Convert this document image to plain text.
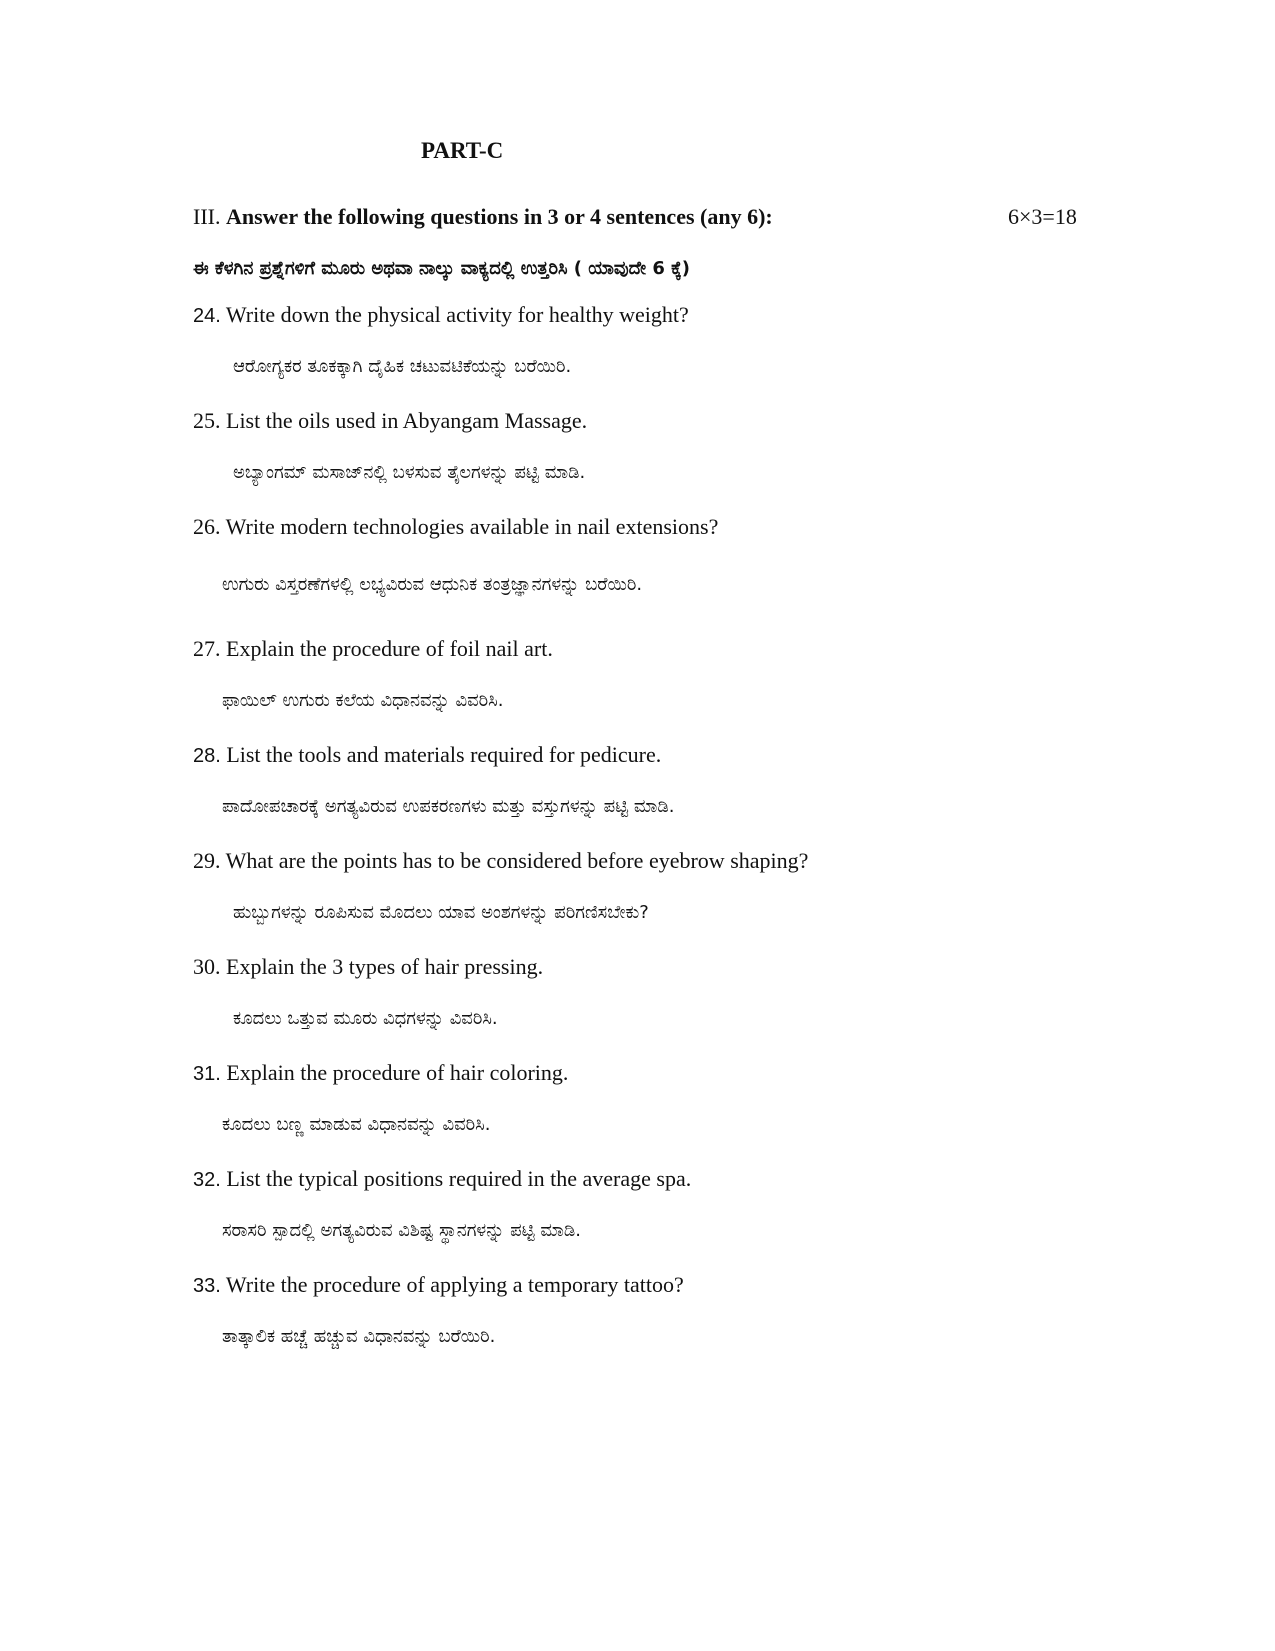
PART-C
III. Answer the following questions in 3 or 4 sentences (any 6):	6×3=18
ಈ ಕೆಳಗಿನ ಪ್ರಶ್ನೆಗಳಿಗೆ ಮೂರು ಅಥವಾ ನಾಲ್ಕು ವಾಕ್ಯದಲ್ಲಿ ಉತ್ತರಿಸಿ ( ಯಾವುದೇ 6 ಕ್ಕೆ)
24. Write down the physical activity for healthy weight?
ಆರೋಗ್ಯಕರ ತೂಕಕ್ಕಾಗಿ ದೈಹಿಕ ಚಟುವಟಿಕೆಯನ್ನು ಬರೆಯಿರಿ.
25. List the oils used in Abyangam Massage.
ಅಬ್ಯಾಂಗಮ್ ಮಸಾಜ್‌ನಲ್ಲಿ ಬಳಸುವ ತೈಲಗಳನ್ನು ಪಟ್ಟಿ ಮಾಡಿ.
26. Write modern technologies available in nail extensions?
ಉಗುರು ವಿಸ್ತರಣೆಗಳಲ್ಲಿ ಲಭ್ಯವಿರುವ ಆಧುನಿಕ ತಂತ್ರಜ್ಞಾನಗಳನ್ನು ಬರೆಯಿರಿ.
27. Explain the procedure of foil nail art.
ಫಾಯಿಲ್ ಉಗುರು ಕಲೆಯ ವಿಧಾನವನ್ನು ವಿವರಿಸಿ.
28. List the tools and materials required for pedicure.
ಪಾದೋಪಚಾರಕ್ಕೆ ಅಗತ್ಯವಿರುವ ಉಪಕರಣಗಳು ಮತ್ತು ವಸ್ತುಗಳನ್ನು ಪಟ್ಟಿ ಮಾಡಿ.
29. What are the points has to be considered before eyebrow shaping?
ಹುಬ್ಬುಗಳನ್ನು ರೂಪಿಸುವ ಮೊದಲು ಯಾವ ಅಂಶಗಳನ್ನು ಪರಿಗಣಿಸಬೇಕು?
30. Explain the 3 types of hair pressing.
ಕೂದಲು ಒತ್ತುವ ಮೂರು ವಿಧಗಳನ್ನು ವಿವರಿಸಿ.
31. Explain the procedure of hair coloring.
ಕೂದಲು ಬಣ್ಣ ಮಾಡುವ ವಿಧಾನವನ್ನು ವಿವರಿಸಿ.
32. List the typical positions required in the average spa.
ಸರಾಸರಿ ಸ್ಪಾದಲ್ಲಿ ಅಗತ್ಯವಿರುವ ವಿಶಿಷ್ಟ ಸ್ಥಾನಗಳನ್ನು ಪಟ್ಟಿ ಮಾಡಿ.
33. Write the procedure of applying a temporary tattoo?
ತಾತ್ಕಾಲಿಕ ಹಚ್ಚೆ ಹಚ್ಚುವ ವಿಧಾನವನ್ನು ಬರೆಯಿರಿ.
